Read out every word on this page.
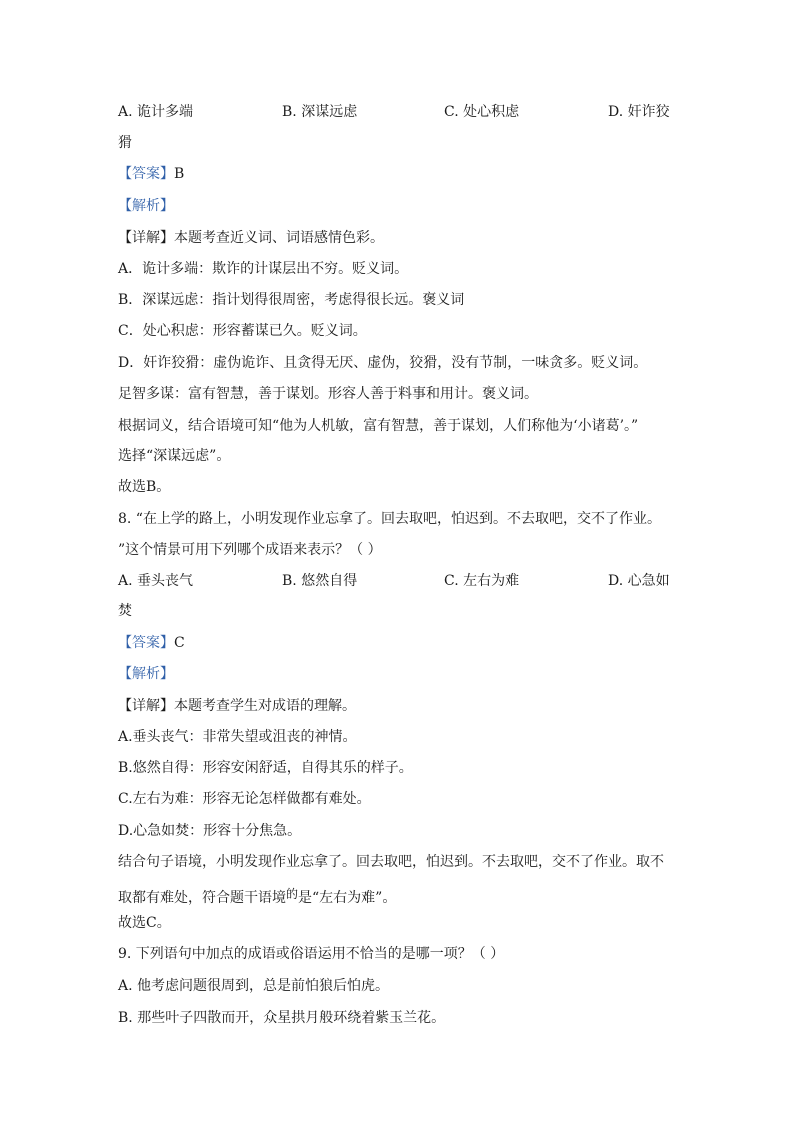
A. 诡计多端	B. 深谋远虑	C. 处心积虑	D. 奸诈狡
猾
【答案】B
【解析】
【详解】本题考查近义词、词语感情色彩。
A．诡计多端：欺诈的计谋层出不穷。贬义词。
B．深谋远虑：指计划得很周密，考虑得很长远。褒义词
C．处心积虑：形容蓄谋已久。贬义词。
D．奸诈狡猾：虚伪诡诈、且贪得无厌、虚伪，狡猾，没有节制，一味贪多。贬义词。
足智多谋：富有智慧，善于谋划。形容人善于料事和用计。褒义词。
根据词义，结合语境可知“他为人机敏，富有智慧，善于谋划，人们称他为‘小诸葛’。”
选择“深谋远虑”。
故选B。
8. “在上学的路上，小明发现作业忘拿了。回去取吧，怕迟到。不去取吧，交不了作业。
”这个情景可用下列哪个成语来表示？（ ）
A. 垂头丧气	B. 悠然自得	C. 左右为难	D. 心急如
焚
【答案】C
【解析】
【详解】本题考查学生对成语的理解。
A.垂头丧气：非常失望或沮丧的神情。
B.悠然自得：形容安闲舒适，自得其乐的样子。
C.左右为难：形容无论怎样做都有难处。
D.心急如焚：形容十分焦急。
结合句子语境，小明发现作业忘拿了。回去取吧，怕迟到。不去取吧，交不了作业。取不
取都有难处，符合题干语境的是“左右为难”。
故选C。
9. 下列语句中加点的成语或俗语运用不恰当的是哪一项？（ ）
A. 他考虑问题很周到，总是前怕狼后怕虎。
B. 那些叶子四散而开，众星拱月般环绕着紫玉兰花。
